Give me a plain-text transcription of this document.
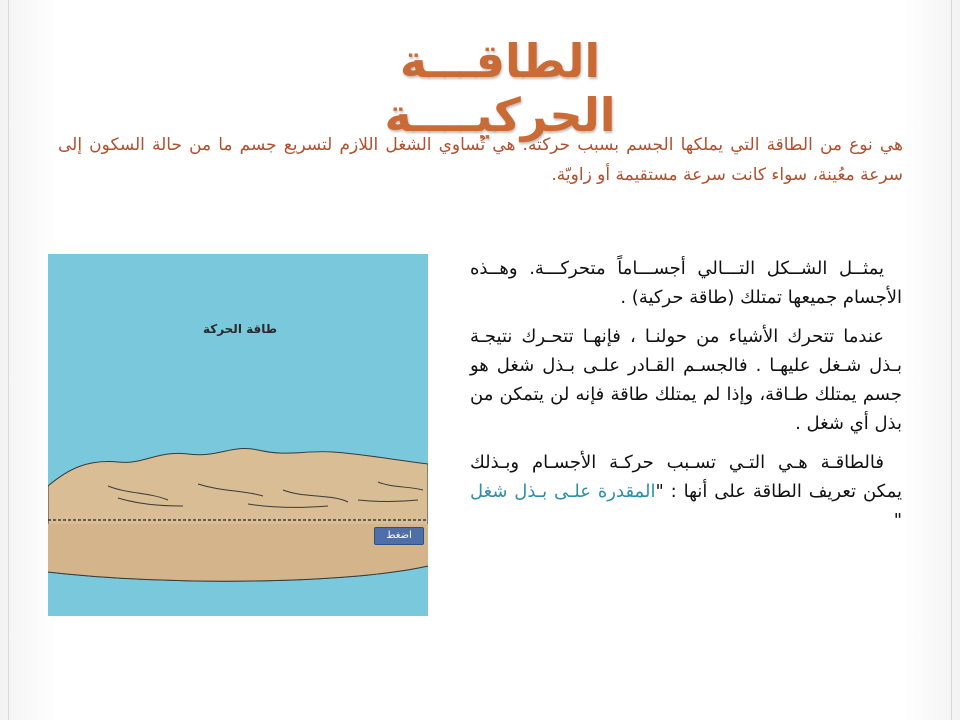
الطاقـــة الحركيــــة
هي نوع من الطاقة التي يملكها الجسم بسبب حركته. هي تُساوي الشغل اللازم لتسريع جسم ما من حالة السكون إلى سرعة معُينة، سواء كانت سرعة مستقيمة أو زاويّة.
طاقة الحركة
اضغط

يمثــل الشــكل التـــالي أجســـاماً متحركـــة. وهــذه الأجسام جميعها تمتلك (طاقة حركية) .

عندما تتحرك الأشياء من حولنـا ، فإنهـا تتحـرك نتيجـة بـذل شـغل عليهـا . فالجسـم القـادر علـى بـذل شغل هو جسم يمتلك طـاقة، وإذا لم يمتلك طاقة فإنه لن يتمكن من بذل أي شغل .

فالطاقـة هـي التـي تسـبب حركـة الأجسـام وبـذلك يمكن تعريف الطاقة على أنها : "المقدرة علـى بـذل شغل "
